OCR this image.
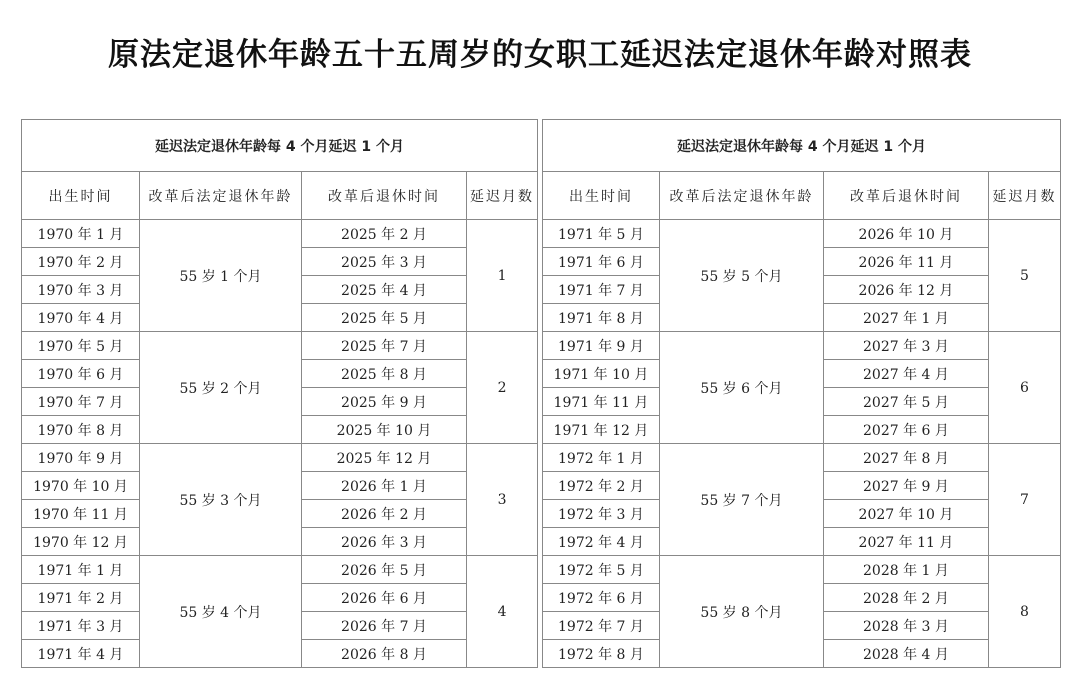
原法定退休年龄五十五周岁的女职工延迟法定退休年龄对照表
延迟法定退休年龄每 4 个月延迟 1 个月			
出生时间	改革后法定退休年龄	改革后退休时间	延迟月数
1970 年 1 月	55 岁 1 个月	2025 年 2 月	1
1970 年 2 月		2025 年 3 月	
1970 年 3 月		2025 年 4 月	
1970 年 4 月		2025 年 5 月	
1970 年 5 月	55 岁 2 个月	2025 年 7 月	2
1970 年 6 月		2025 年 8 月	
1970 年 7 月		2025 年 9 月	
1970 年 8 月		2025 年 10 月	
1970 年 9 月	55 岁 3 个月	2025 年 12 月	3
1970 年 10 月		2026 年 1 月	
1970 年 11 月		2026 年 2 月	
1970 年 12 月		2026 年 3 月	
1971 年 1 月	55 岁 4 个月	2026 年 5 月	4
1971 年 2 月		2026 年 6 月	
1971 年 3 月		2026 年 7 月	
1971 年 4 月		2026 年 8 月	
延迟法定退休年龄每 4 个月延迟 1 个月			
出生时间	改革后法定退休年龄	改革后退休时间	延迟月数
1971 年 5 月	55 岁 5 个月	2026 年 10 月	5
1971 年 6 月		2026 年 11 月	
1971 年 7 月		2026 年 12 月	
1971 年 8 月		2027 年 1 月	
1971 年 9 月	55 岁 6 个月	2027 年 3 月	6
1971 年 10 月		2027 年 4 月	
1971 年 11 月		2027 年 5 月	
1971 年 12 月		2027 年 6 月	
1972 年 1 月	55 岁 7 个月	2027 年 8 月	7
1972 年 2 月		2027 年 9 月	
1972 年 3 月		2027 年 10 月	
1972 年 4 月		2027 年 11 月	
1972 年 5 月	55 岁 8 个月	2028 年 1 月	8
1972 年 6 月		2028 年 2 月	
1972 年 7 月		2028 年 3 月	
1972 年 8 月		2028 年 4 月	
